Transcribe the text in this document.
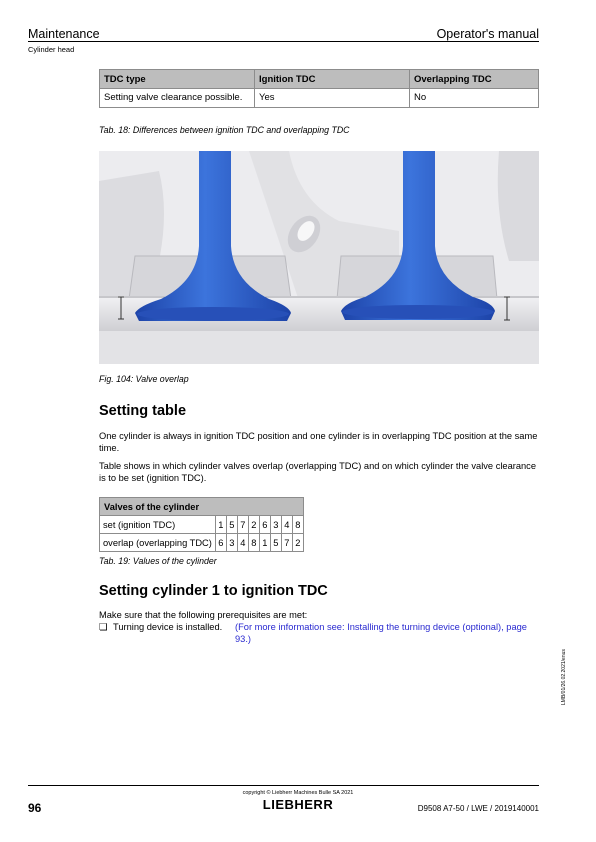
Maintenance	Operator's manual
Cylinder head
TDC type	Ignition TDC	Overlapping TDC
Setting valve clearance possible.	Yes	No
Tab. 18: Differences between ignition TDC and overlapping TDC
Fig. 104: Valve overlap
Setting table

One cylinder is always in ignition TDC position and one cylinder is in overlapping TDC position at the same time.

Table shows in which cylinder valves overlap (overlapping TDC) and on which cylinder the valve clearance is to be set (ignition TDC).

Valves of the cylinder								
set (ignition TDC)	1	5	7	2	6	3	4	8
overlap (overlapping TDC)	6	3	4	8	1	5	7	2
Tab. 19: Values of the cylinder
Setting cylinder 1 to ignition TDC

Make sure that the following prerequisites are met:

❏ Turning device is installed.	(For more information see: Installing the turning device (optional), page 93.)
LMB/01/26.02.2021/enus
copyright © Liebherr Machines Bulle SA 2021
LIEBHERR
96	D9508 A7-50 / LWE / 2019140001
